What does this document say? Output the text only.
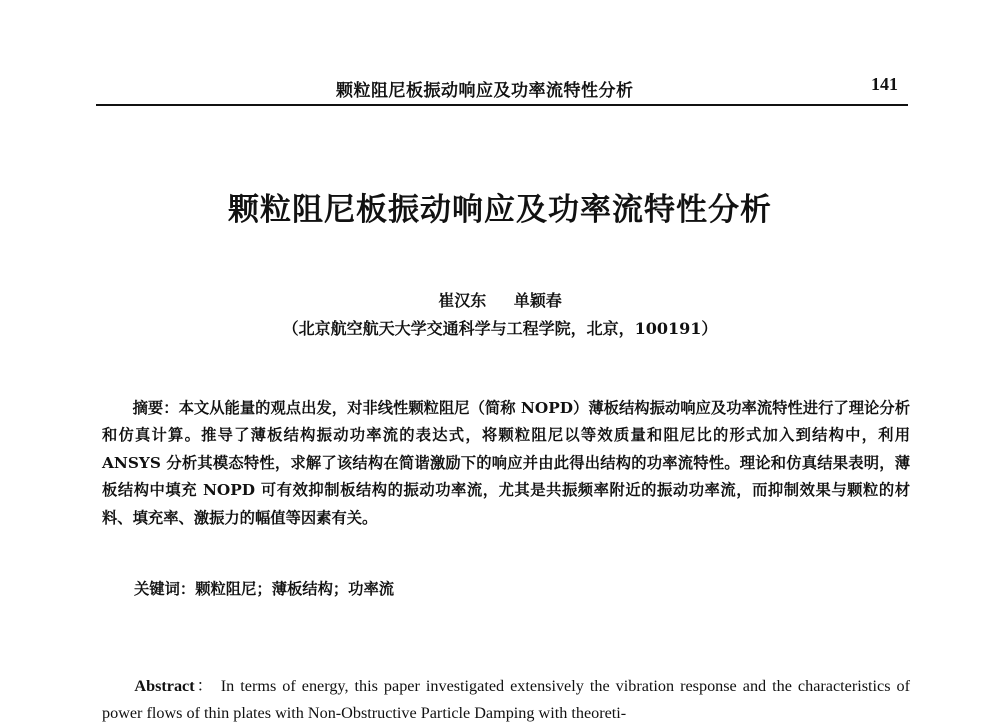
颗粒阻尼板振动响应及功率流特性分析	141
颗粒阻尼板振动响应及功率流特性分析
崔汉东 单颖春
（北京航空航天大学交通科学与工程学院，北京，100191）

摘要：本文从能量的观点出发，对非线性颗粒阻尼（简称 NOPD）薄板结构振动响应及功率流特性进行了理论分析和仿真计算。推导了薄板结构振动功率流的表达式，将颗粒阻尼以等效质量和阻尼比的形式加入到结构中，利用 ANSYS 分析其模态特性，求解了该结构在简谐激励下的响应并由此得出结构的功率流特性。理论和仿真结果表明，薄板结构中填充 NOPD 可有效抑制板结构的振动功率流，尤其是共振频率附近的振动功率流，而抑制效果与颗粒的材料、填充率、激振力的幅值等因素有关。

关键词：颗粒阻尼；薄板结构；功率流

Abstract： In terms of energy, this paper investigated extensively the vibration response and the characteristics of power flows of thin plates with Non-Obstructive Particle Damping with theoreti-
